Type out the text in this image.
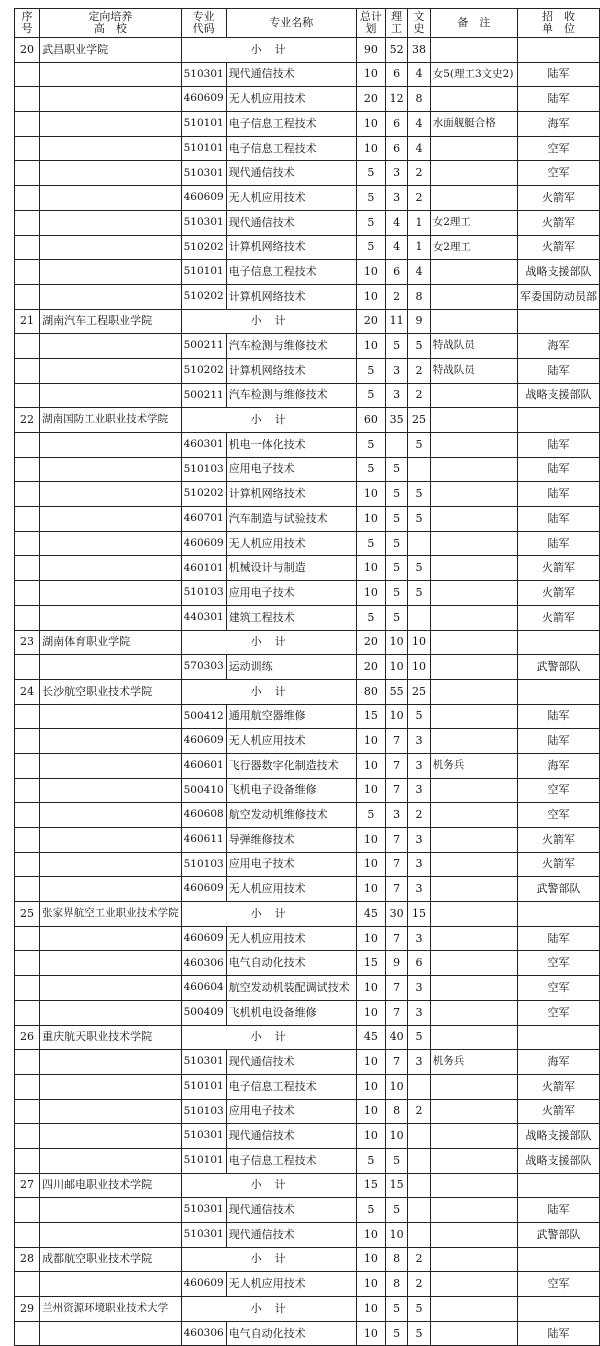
序号	定向培养
高　校	专业
代码	专业名称	总计划	理工	文史	备　注	招　收
单　位
20	武昌职业学院	小　计		90	52	38		
		510301	现代通信技术	10	6	4	女5(理工3文史2)	陆军
		460609	无人机应用技术	20	12	8		陆军
		510101	电子信息工程技术	10	6	4	水面舰艇合格	海军
		510101	电子信息工程技术	10	6	4		空军
		510301	现代通信技术	5	3	2		空军
		460609	无人机应用技术	5	3	2		火箭军
		510301	现代通信技术	5	4	1	女2理工	火箭军
		510202	计算机网络技术	5	4	1	女2理工	火箭军
		510101	电子信息工程技术	10	6	4		战略支援部队
		510202	计算机网络技术	10	2	8		军委国防动员部
21	湖南汽车工程职业学院	小　计		20	11	9		
		500211	汽车检测与维修技术	10	5	5	特战队员	海军
		510202	计算机网络技术	5	3	2	特战队员	陆军
		500211	汽车检测与维修技术	5	3	2		战略支援部队
22	湖南国防工业职业技术学院	小　计		60	35	25		
		460301	机电一体化技术	5		5		陆军
		510103	应用电子技术	5	5			陆军
		510202	计算机网络技术	10	5	5		陆军
		460701	汽车制造与试验技术	10	5	5		陆军
		460609	无人机应用技术	5	5			陆军
		460101	机械设计与制造	10	5	5		火箭军
		510103	应用电子技术	10	5	5		火箭军
		440301	建筑工程技术	5	5			火箭军
23	湖南体育职业学院	小　计		20	10	10		
		570303	运动训练	20	10	10		武警部队
24	长沙航空职业技术学院	小　计		80	55	25		
		500412	通用航空器维修	15	10	5		陆军
		460609	无人机应用技术	10	7	3		陆军
		460601	飞行器数字化制造技术	10	7	3	机务兵	海军
		500410	飞机电子设备维修	10	7	3		空军
		460608	航空发动机维修技术	5	3	2		空军
		460611	导弹维修技术	10	7	3		火箭军
		510103	应用电子技术	10	7	3		火箭军
		460609	无人机应用技术	10	7	3		武警部队
25	张家界航空工业职业技术学院	小　计		45	30	15		
		460609	无人机应用技术	10	7	3		陆军
		460306	电气自动化技术	15	9	6		空军
		460604	航空发动机装配调试技术	10	7	3		空军
		500409	飞机机电设备维修	10	7	3		空军
26	重庆航天职业技术学院	小　计		45	40	5		
		510301	现代通信技术	10	7	3	机务兵	海军
		510101	电子信息工程技术	10	10			火箭军
		510103	应用电子技术	10	8	2		火箭军
		510301	现代通信技术	10	10			战略支援部队
		510101	电子信息工程技术	5	5			战略支援部队
27	四川邮电职业技术学院	小　计		15	15			
		510301	现代通信技术	5	5			陆军
		510301	现代通信技术	10	10			武警部队
28	成都航空职业技术学院	小　计		10	8	2		
		460609	无人机应用技术	10	8	2		空军
29	兰州资源环境职业技术大学	小　计		10	5	5		
		460306	电气自动化技术	10	5	5		陆军
